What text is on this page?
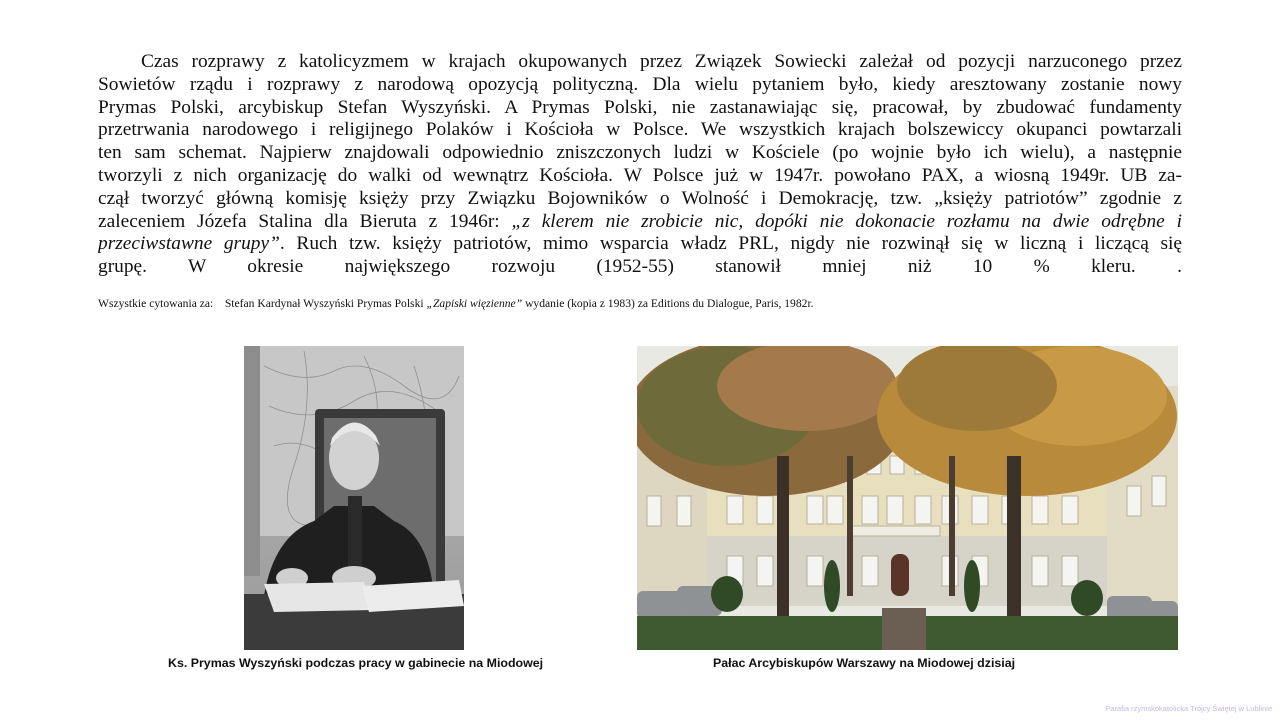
Czas rozprawy z katolicyzmem w krajach okupowanych przez Związek Sowiecki zależał od pozycji narzuconego przez
Sowietów rządu i rozprawy z narodową opozycją polityczną. Dla wielu pytaniem było, kiedy aresztowany zostanie nowy
Prymas Polski, arcybiskup Stefan Wyszyński. A Prymas Polski, nie zastanawiając się, pracował, by zbudować fundamenty
przetrwania narodowego i religijnego Polaków i Kościoła w Polsce. We wszystkich krajach bolszewiccy okupanci powtarzali
ten sam schemat. Najpierw znajdowali odpowiednio zniszczonych ludzi w Kościele (po wojnie było ich wielu), a następnie
tworzyli z nich organizację do walki od wewnątrz Kościoła. W Polsce już w 1947r. powołano PAX, a wiosną 1949r. UB za-
czął tworzyć główną komisję księży przy Związku Bojowników o Wolność i Demokrację, tzw. „księży patriotów” zgodnie z
zaleceniem Józefa Stalina dla Bieruta z 1946r: „z klerem nie zrobicie nic, dopóki nie dokonacie rozłamu na dwie odrębne i
przeciwstawne grupy”. Ruch tzw. księży patriotów, mimo wsparcia władz PRL, nigdy nie rozwinął się w liczną i liczącą się
grupę. W okresie największego rozwoju (1952-55) stanowił mniej niż 10 % kleru. .
Wszystkie cytowania za: Stefan Kardynał Wyszyński Prymas Polski „Zapiski więzienne” wydanie (kopia z 1983) za Editions du Dialogue, Paris, 1982r.
Ks. Prymas Wyszyński podczas pracy w gabinecie na Miodowej	Pałac Arcybiskupów Warszawy na Miodowej dzisiaj
Parafia rzymskokatolicka Trójcy Świętej w Lublinie
